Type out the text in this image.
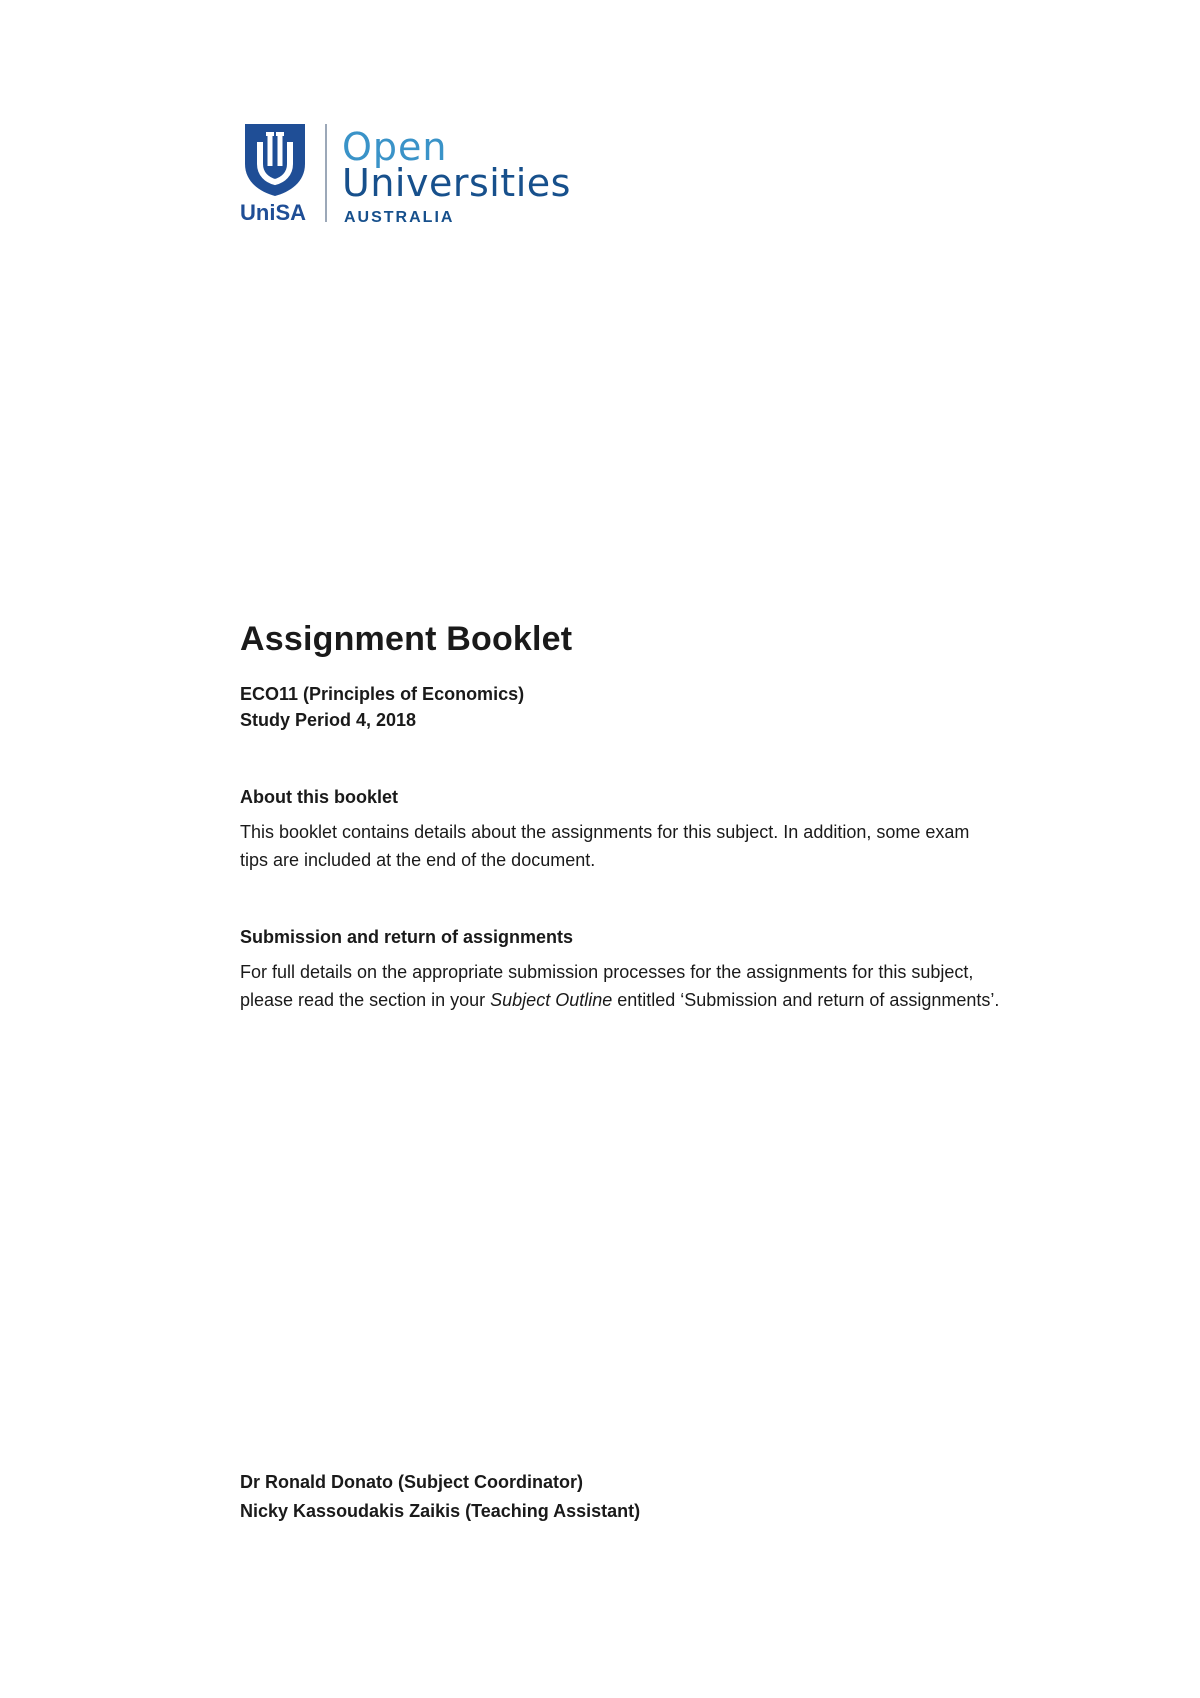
UniSA
Open
Universities
AUSTRALIA
Assignment Booklet
ECO11 (Principles of Economics)
Study Period 4, 2018
About this booklet

This booklet contains details about the assignments for this subject. In addition, some exam tips are included at the end of the document.

Submission and return of assignments

For full details on the appropriate submission processes for the assignments for this subject, please read the section in your Subject Outline entitled ‘Submission and return of assignments’.

Dr Ronald Donato (Subject Coordinator)
Nicky Kassoudakis Zaikis (Teaching Assistant)
